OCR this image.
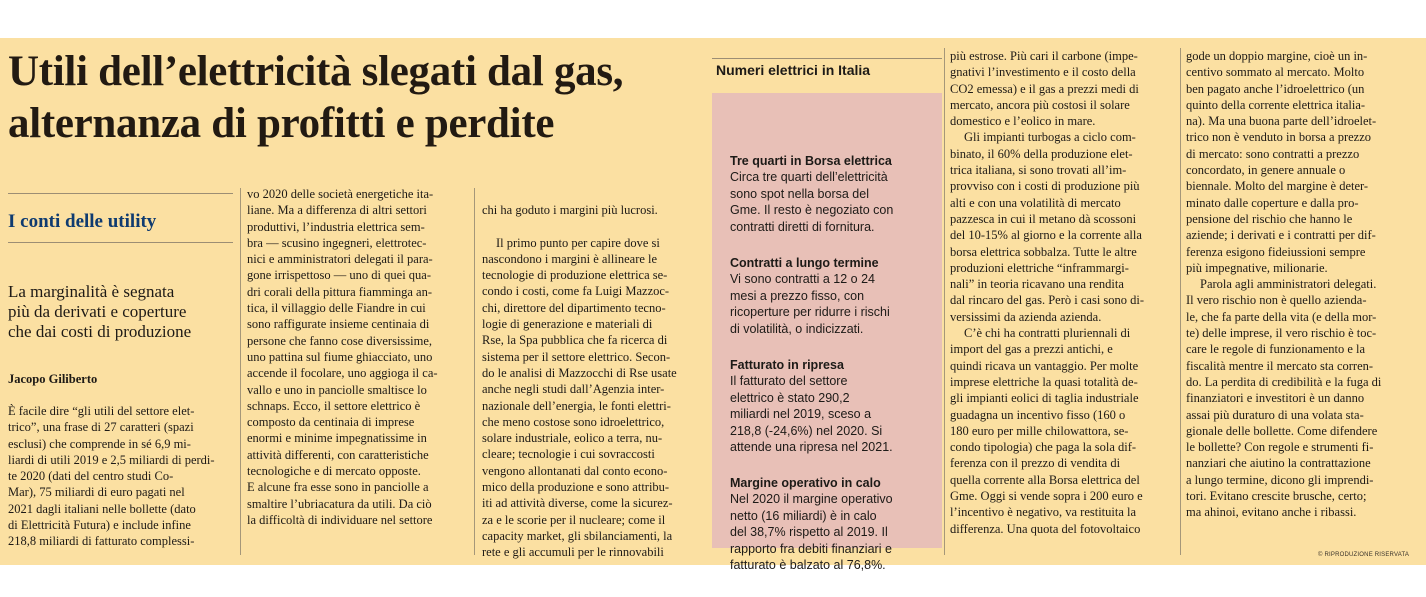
Utili dell’elettricità slegati dal gas,
alternanza di profitti e perdite
I conti delle utility
La marginalità è segnata
più da derivati e coperture
che dai costi di produzione
Jacopo Giliberto
È facile dire “gli utili del settore elet-
trico”, una frase di 27 caratteri (spazi
esclusi) che comprende in sé 6,9 mi-
liardi di utili 2019 e 2,5 miliardi di perdi-
te 2020 (dati del centro studi Co-
Mar), 75 miliardi di euro pagati nel
2021 dagli italiani nelle bollette (dato
di Elettricità Futura) e include infine
218,8 miliardi di fatturato complessi-
vo 2020 delle società energetiche ita-
liane. Ma a differenza di altri settori
produttivi, l’industria elettrica sem-
bra — scusino ingegneri, elettrotec-
nici e amministratori delegati il para-
gone irrispettoso — uno di quei qua-
dri corali della pittura fiamminga an-
tica, il villaggio delle Fiandre in cui
sono raffigurate insieme centinaia di
persone che fanno cose diversissime,
uno pattina sul fiume ghiacciato, uno
accende il focolare, uno aggioga il ca-
vallo e uno in panciolle smaltisce lo
schnaps. Ecco, il settore elettrico è
composto da centinaia di imprese
enormi e minime impegnatissime in
attività differenti, con caratteristiche
tecnologiche e di mercato opposte.
E alcune fra esse sono in panciolle a
smaltire l’ubriacatura da utili. Da ciò
la difficoltà di individuare nel settore
chi ha goduto i margini più lucrosi.
Il primo punto per capire dove si
nascondono i margini è allineare le
tecnologie di produzione elettrica se-
condo i costi, come fa Luigi Mazzoc-
chi, direttore del dipartimento tecno-
logie di generazione e materiali di
Rse, la Spa pubblica che fa ricerca di
sistema per il settore elettrico. Secon-
do le analisi di Mazzocchi di Rse usate
anche negli studi dall’Agenzia inter-
nazionale dell’energia, le fonti elettri-
che meno costose sono idroelettrico,
solare industriale, eolico a terra, nu-
cleare; tecnologie i cui sovraccosti
vengono allontanati dal conto econo-
mico della produzione e sono attribu-
iti ad attività diverse, come la sicurez-
za e le scorie per il nucleare; come il
capacity market, gli sbilanciamenti, la
rete e gli accumuli per le rinnovabili
Numeri elettrici in Italia
Tre quarti in Borsa elettrica
Circa tre quarti dell’elettricità
sono spot nella borsa del
Gme. Il resto è negoziato con
contratti diretti di fornitura.
Contratti a lungo termine
Vi sono contratti a 12 o 24
mesi a prezzo fisso, con
ricoperture per ridurre i rischi
di volatilità, o indicizzati.
Fatturato in ripresa
Il fatturato del settore
elettrico è stato 290,2
miliardi nel 2019, sceso a
218,8 (-24,6%) nel 2020. Si
attende una ripresa nel 2021.
Margine operativo in calo
Nel 2020 il margine operativo
netto (16 miliardi) è in calo
del 38,7% rispetto al 2019. Il
rapporto fra debiti finanziari e
fatturato è balzato al 76,8%.
più estrose. Più cari il carbone (impe-
gnativi l’investimento e il costo della
CO2 emessa) e il gas a prezzi medi di
mercato, ancora più costosi il solare
domestico e l’eolico in mare.
Gli impianti turbogas a ciclo com-
binato, il 60% della produzione elet-
trica italiana, si sono trovati all’im-
provviso con i costi di produzione più
alti e con una volatilità di mercato
pazzesca in cui il metano dà scossoni
del 10-15% al giorno e la corrente alla
borsa elettrica sobbalza. Tutte le altre
produzioni elettriche “inframmargi-
nali” in teoria ricavano una rendita
dal rincaro del gas. Però i casi sono di-
versissimi da azienda azienda.
C’è chi ha contratti pluriennali di
import del gas a prezzi antichi, e
quindi ricava un vantaggio. Per molte
imprese elettriche la quasi totalità de-
gli impianti eolici di taglia industriale
guadagna un incentivo fisso (160 o
180 euro per mille chilowattora, se-
condo tipologia) che paga la sola dif-
ferenza con il prezzo di vendita di
quella corrente alla Borsa elettrica del
Gme. Oggi si vende sopra i 200 euro e
l’incentivo è negativo, va restituita la
differenza. Una quota del fotovoltaico
gode un doppio margine, cioè un in-
centivo sommato al mercato. Molto
ben pagato anche l’idroelettrico (un
quinto della corrente elettrica italia-
na). Ma una buona parte dell’idroelet-
trico non è venduto in borsa a prezzo
di mercato: sono contratti a prezzo
concordato, in genere annuale o
biennale. Molto del margine è deter-
minato dalle coperture e dalla pro-
pensione del rischio che hanno le
aziende; i derivati e i contratti per dif-
ferenza esigono fideiussioni sempre
più impegnative, milionarie.
Parola agli amministratori delegati.
Il vero rischio non è quello azienda-
le, che fa parte della vita (e della mor-
te) delle imprese, il vero rischio è toc-
care le regole di funzionamento e la
fiscalità mentre il mercato sta corren-
do. La perdita di credibilità e la fuga di
finanziatori e investitori è un danno
assai più duraturo di una volata sta-
gionale delle bollette. Come difendere
le bollette? Con regole e strumenti fi-
nanziari che aiutino la contrattazione
a lungo termine, dicono gli imprendi-
tori. Evitano crescite brusche, certo;
ma ahinoi, evitano anche i ribassi.
© RIPRODUZIONE RISERVATA
